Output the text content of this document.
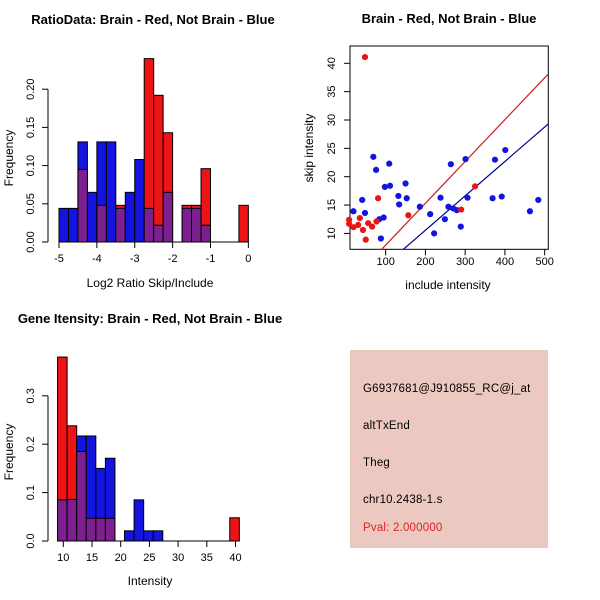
RatioData: Brain - Red, Not Brain - Blue
0.00
0.05
0.10
0.15
0.20
Frequency
-5	-4	-3	-2	-1	0
Log2 Ratio Skip/Include
Brain - Red, Not Brain - Blue
100 200 300 400 500
10
15
20
25
30
35
40
include intensity
skip intensity
Gene Itensity: Brain - Red, Not Brain - Blue
0.0
0.1
0.2
0.3
Frequency
10 15 20 25 30 35 40
Intensity
G6937681@J910855_RC@j_at
altTxEnd
Theg
chr10.2438-1.s
Pval: 2.000000
